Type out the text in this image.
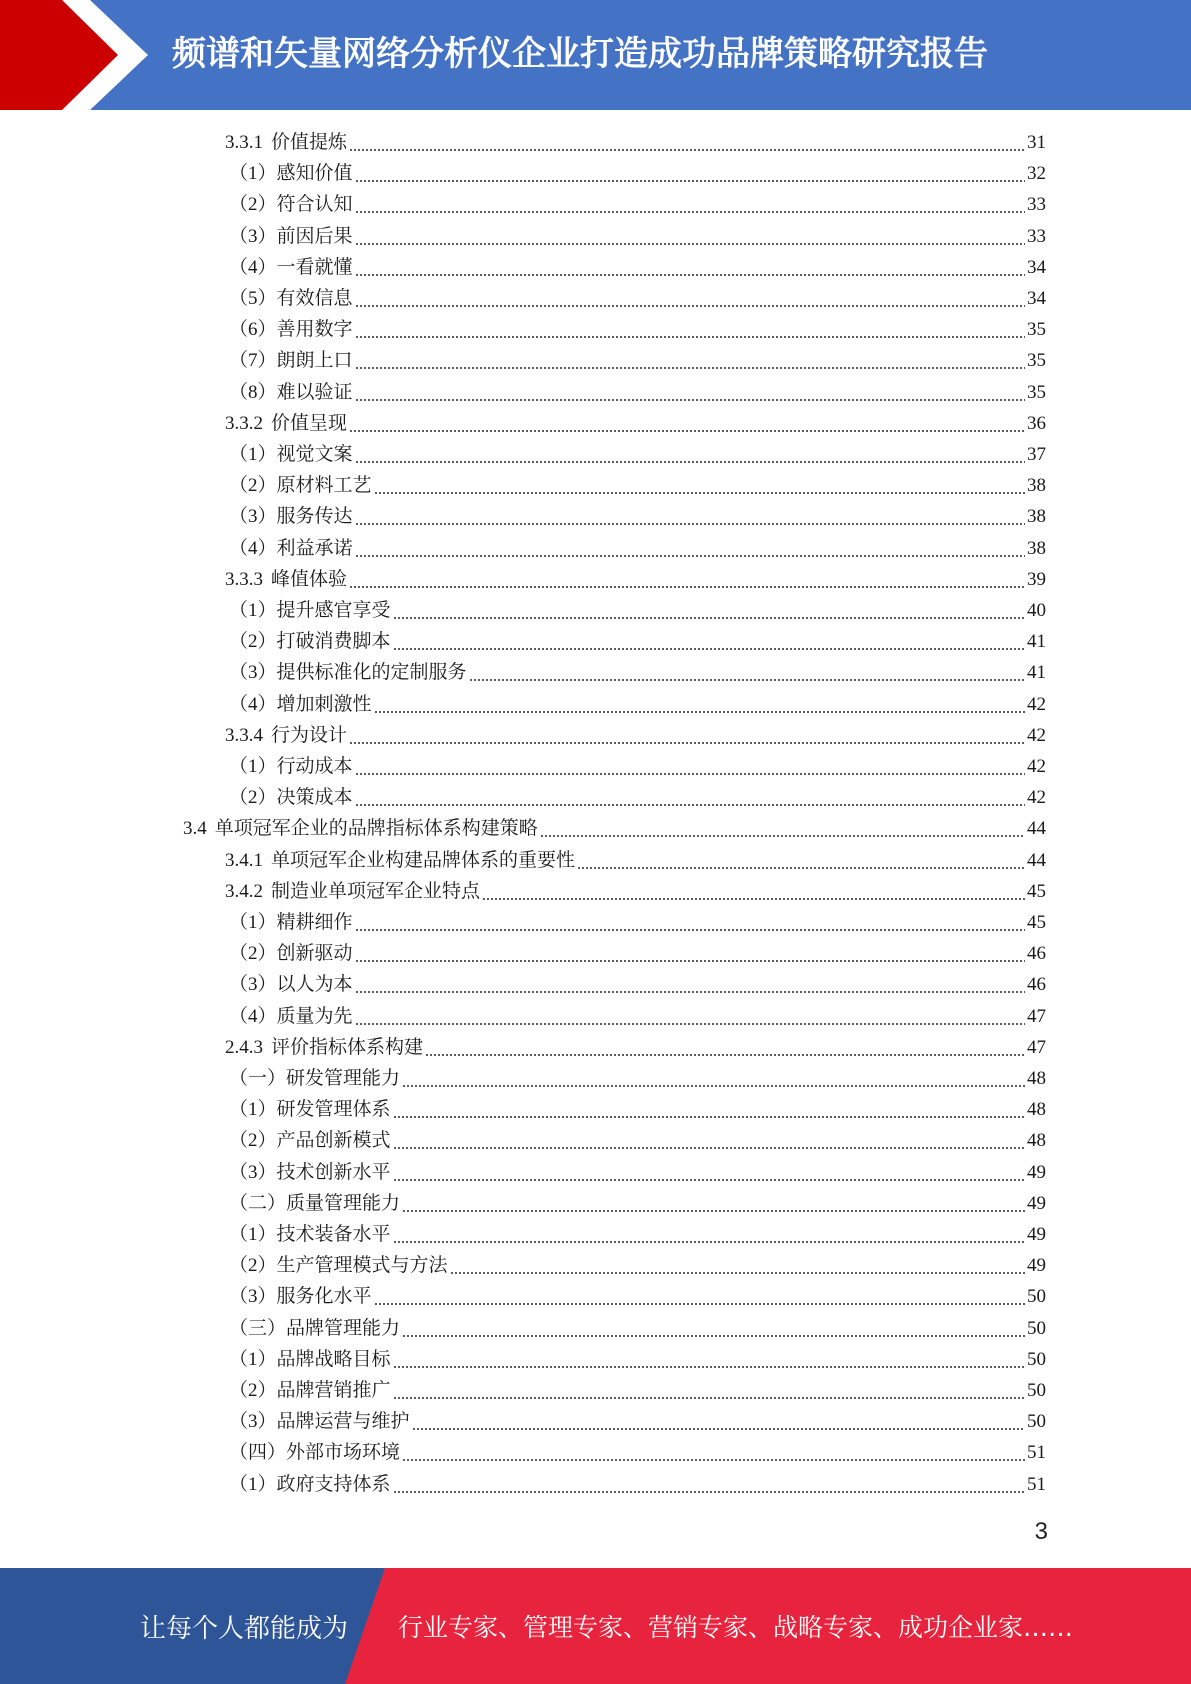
频谱和矢量网络分析仪企业打造成功品牌策略研究报告
3.3.1 价值提炼	31
（1）感知价值	32
（2）符合认知	33
（3）前因后果	33
（4）一看就懂	34
（5）有效信息	34
（6）善用数字	35
（7）朗朗上口	35
（8）难以验证	35
3.3.2 价值呈现	36
（1）视觉文案	37
（2）原材料工艺	38
（3）服务传达	38
（4）利益承诺	38
3.3.3 峰值体验	39
（1）提升感官享受	40
（2）打破消费脚本	41
（3）提供标准化的定制服务	41
（4）增加刺激性	42
3.3.4 行为设计	42
（1）行动成本	42
（2）决策成本	42
3.4 单项冠军企业的品牌指标体系构建策略	44
3.4.1 单项冠军企业构建品牌体系的重要性	44
3.4.2 制造业单项冠军企业特点	45
（1）精耕细作	45
（2）创新驱动	46
（3）以人为本	46
（4）质量为先	47
2.4.3 评价指标体系构建	47
（一）研发管理能力	48
（1）研发管理体系	48
（2）产品创新模式	48
（3）技术创新水平	49
（二）质量管理能力	49
（1）技术装备水平	49
（2）生产管理模式与方法	49
（3）服务化水平	50
（三）品牌管理能力	50
（1）品牌战略目标	50
（2）品牌营销推广	50
（3）品牌运营与维护	50
（四）外部市场环境	51
（1）政府支持体系	51
3
让每个人都能成为 行业专家、管理专家、营销专家、战略专家、成功企业家……
